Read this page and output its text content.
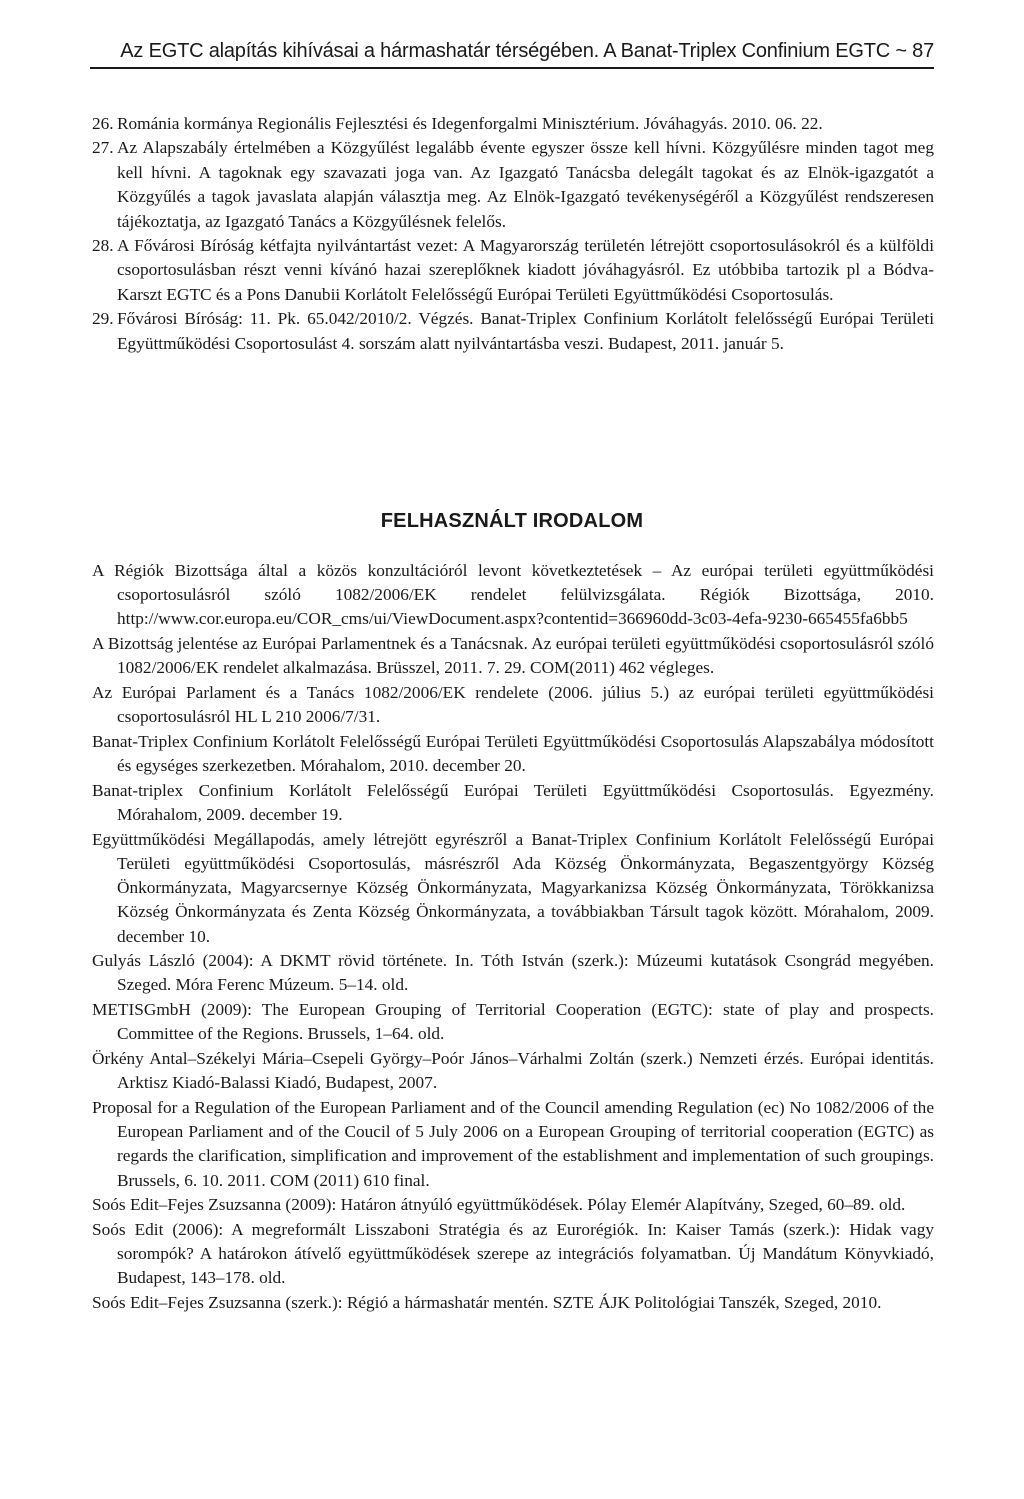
Az EGTC alapítás kihívásai a hármashatár térségében. A Banat-Triplex Confinium EGTC ~ 87

26. Románia kormánya Regionális Fejlesztési és Idegenforgalmi Minisztérium. Jóváhagyás. 2010. 06. 22.

27. Az Alapszabály értelmében a Közgyűlést legalább évente egyszer össze kell hívni. Közgyűlésre minden tagot meg kell hívni. A tagoknak egy szavazati joga van. Az Igazgató Tanácsba delegált tagokat és az Elnök-igazgatót a Közgyűlés a tagok javaslata alapján választja meg. Az Elnök-Igazgató tevékenységéről a Közgyűlést rendszeresen tájékoztatja, az Igazgató Tanács a Közgyűlésnek felelős.

28. A Fővárosi Bíróság kétfajta nyilvántartást vezet: A Magyarország területén létrejött csoportosulásokról és a külföldi csoportosulásban részt venni kívánó hazai szereplőknek kiadott jóváhagyásról. Ez utóbbiba tartozik pl a Bódva-Karszt EGTC és a Pons Danubii Korlátolt Felelősségű Európai Területi Együttműködési Csoportosulás.

29. Fővárosi Bíróság: 11. Pk. 65.042/2010/2. Végzés. Banat-Triplex Confinium Korlátolt felelősségű Európai Területi Együttműködési Csoportosulást 4. sorszám alatt nyilvántartásba veszi. Budapest, 2011. január 5.

FELHASZNÁLT IRODALOM

A Régiók Bizottsága által a közös konzultációról levont következtetések – Az európai területi együttműködési csoportosulásról szóló 1082/2006/EK rendelet felülvizsgálata. Régiók Bizottsága, 2010. http://www.cor.europa.eu/COR_cms/ui/ViewDocument.aspx?contentid=366960dd-3c03-4efa-9230-665455fa6bb5

A Bizottság jelentése az Európai Parlamentnek és a Tanácsnak. Az európai területi együttműködési csoportosulásról szóló 1082/2006/EK rendelet alkalmazása. Brüsszel, 2011. 7. 29. COM(2011) 462 végleges.

Az Európai Parlament és a Tanács 1082/2006/EK rendelete (2006. július 5.) az európai területi együttműködési csoportosulásról HL L 210 2006/7/31.

Banat-Triplex Confinium Korlátolt Felelősségű Európai Területi Együttműködési Csoportosulás Alapszabálya módosított és egységes szerkezetben. Mórahalom, 2010. december 20.

Banat-triplex Confinium Korlátolt Felelősségű Európai Területi Együttműködési Csoportosulás. Egyezmény. Mórahalom, 2009. december 19.

Együttműködési Megállapodás, amely létrejött egyrészről a Banat-Triplex Confinium Korlátolt Felelősségű Európai Területi együttműködési Csoportosulás, másrészről Ada Község Önkormányzata, Begaszentgyörgy Község Önkormányzata, Magyarcsernye Község Önkormányzata, Magyarkanizsa Község Önkormányzata, Törökkanizsa Község Önkormányzata és Zenta Község Önkormányzata, a továbbiakban Társult tagok között. Mórahalom, 2009. december 10.

Gulyás László (2004): A DKMT rövid története. In. Tóth István (szerk.): Múzeumi kutatások Csongrád megyében. Szeged. Móra Ferenc Múzeum. 5–14. old.

METISGmbH (2009): The European Grouping of Territorial Cooperation (EGTC): state of play and prospects. Committee of the Regions. Brussels, 1–64. old.

Örkény Antal–Székelyi Mária–Csepeli György–Poór János–Várhalmi Zoltán (szerk.) Nemzeti érzés. Európai identitás. Arktisz Kiadó-Balassi Kiadó, Budapest, 2007.

Proposal for a Regulation of the European Parliament and of the Council amending Regulation (ec) No 1082/2006 of the European Parliament and of the Coucil of 5 July 2006 on a European Grouping of territorial cooperation (EGTC) as regards the clarification, simplification and improvement of the establishment and implementation of such groupings. Brussels, 6. 10. 2011. COM (2011) 610 final.

Soós Edit–Fejes Zsuzsanna (2009): Határon átnyúló együttműködések. Pólay Elemér Alapítvány, Szeged, 60–89. old.

Soós Edit (2006): A megreformált Lisszaboni Stratégia és az Eurorégiók. In: Kaiser Tamás (szerk.): Hidak vagy sorompók? A határokon átívelő együttműködések szerepe az integrációs folyamatban. Új Mandátum Könyvkiadó, Budapest, 143–178. old.

Soós Edit–Fejes Zsuzsanna (szerk.): Régió a hármashatár mentén. SZTE ÁJK Politológiai Tanszék, Szeged, 2010.
